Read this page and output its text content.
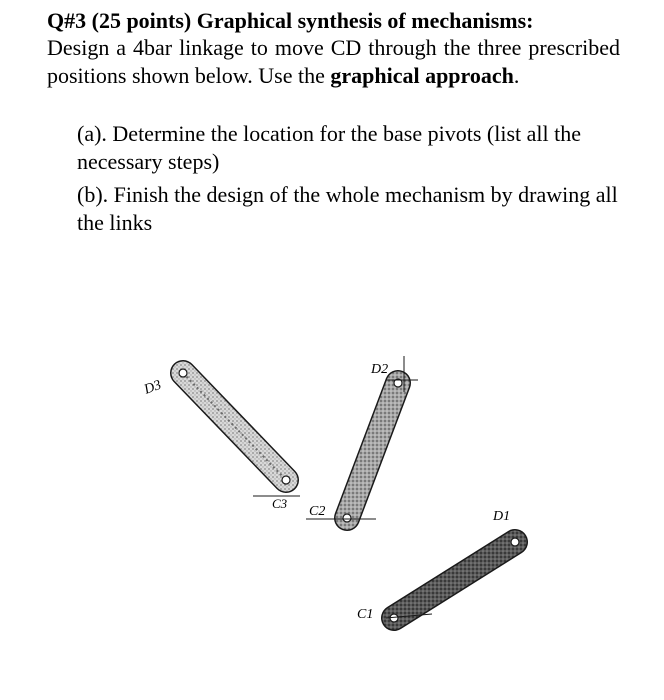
Q#3 (25 points) Graphical synthesis of mechanisms:
Design a 4bar linkage to move CD through the three prescribed positions shown below. Use the graphical approach.
(a). Determine the location for the base pivots (list all the necessary steps)
(b). Finish the design of the whole mechanism by drawing all the links
D3
C3
D2
C2	D1
C1
